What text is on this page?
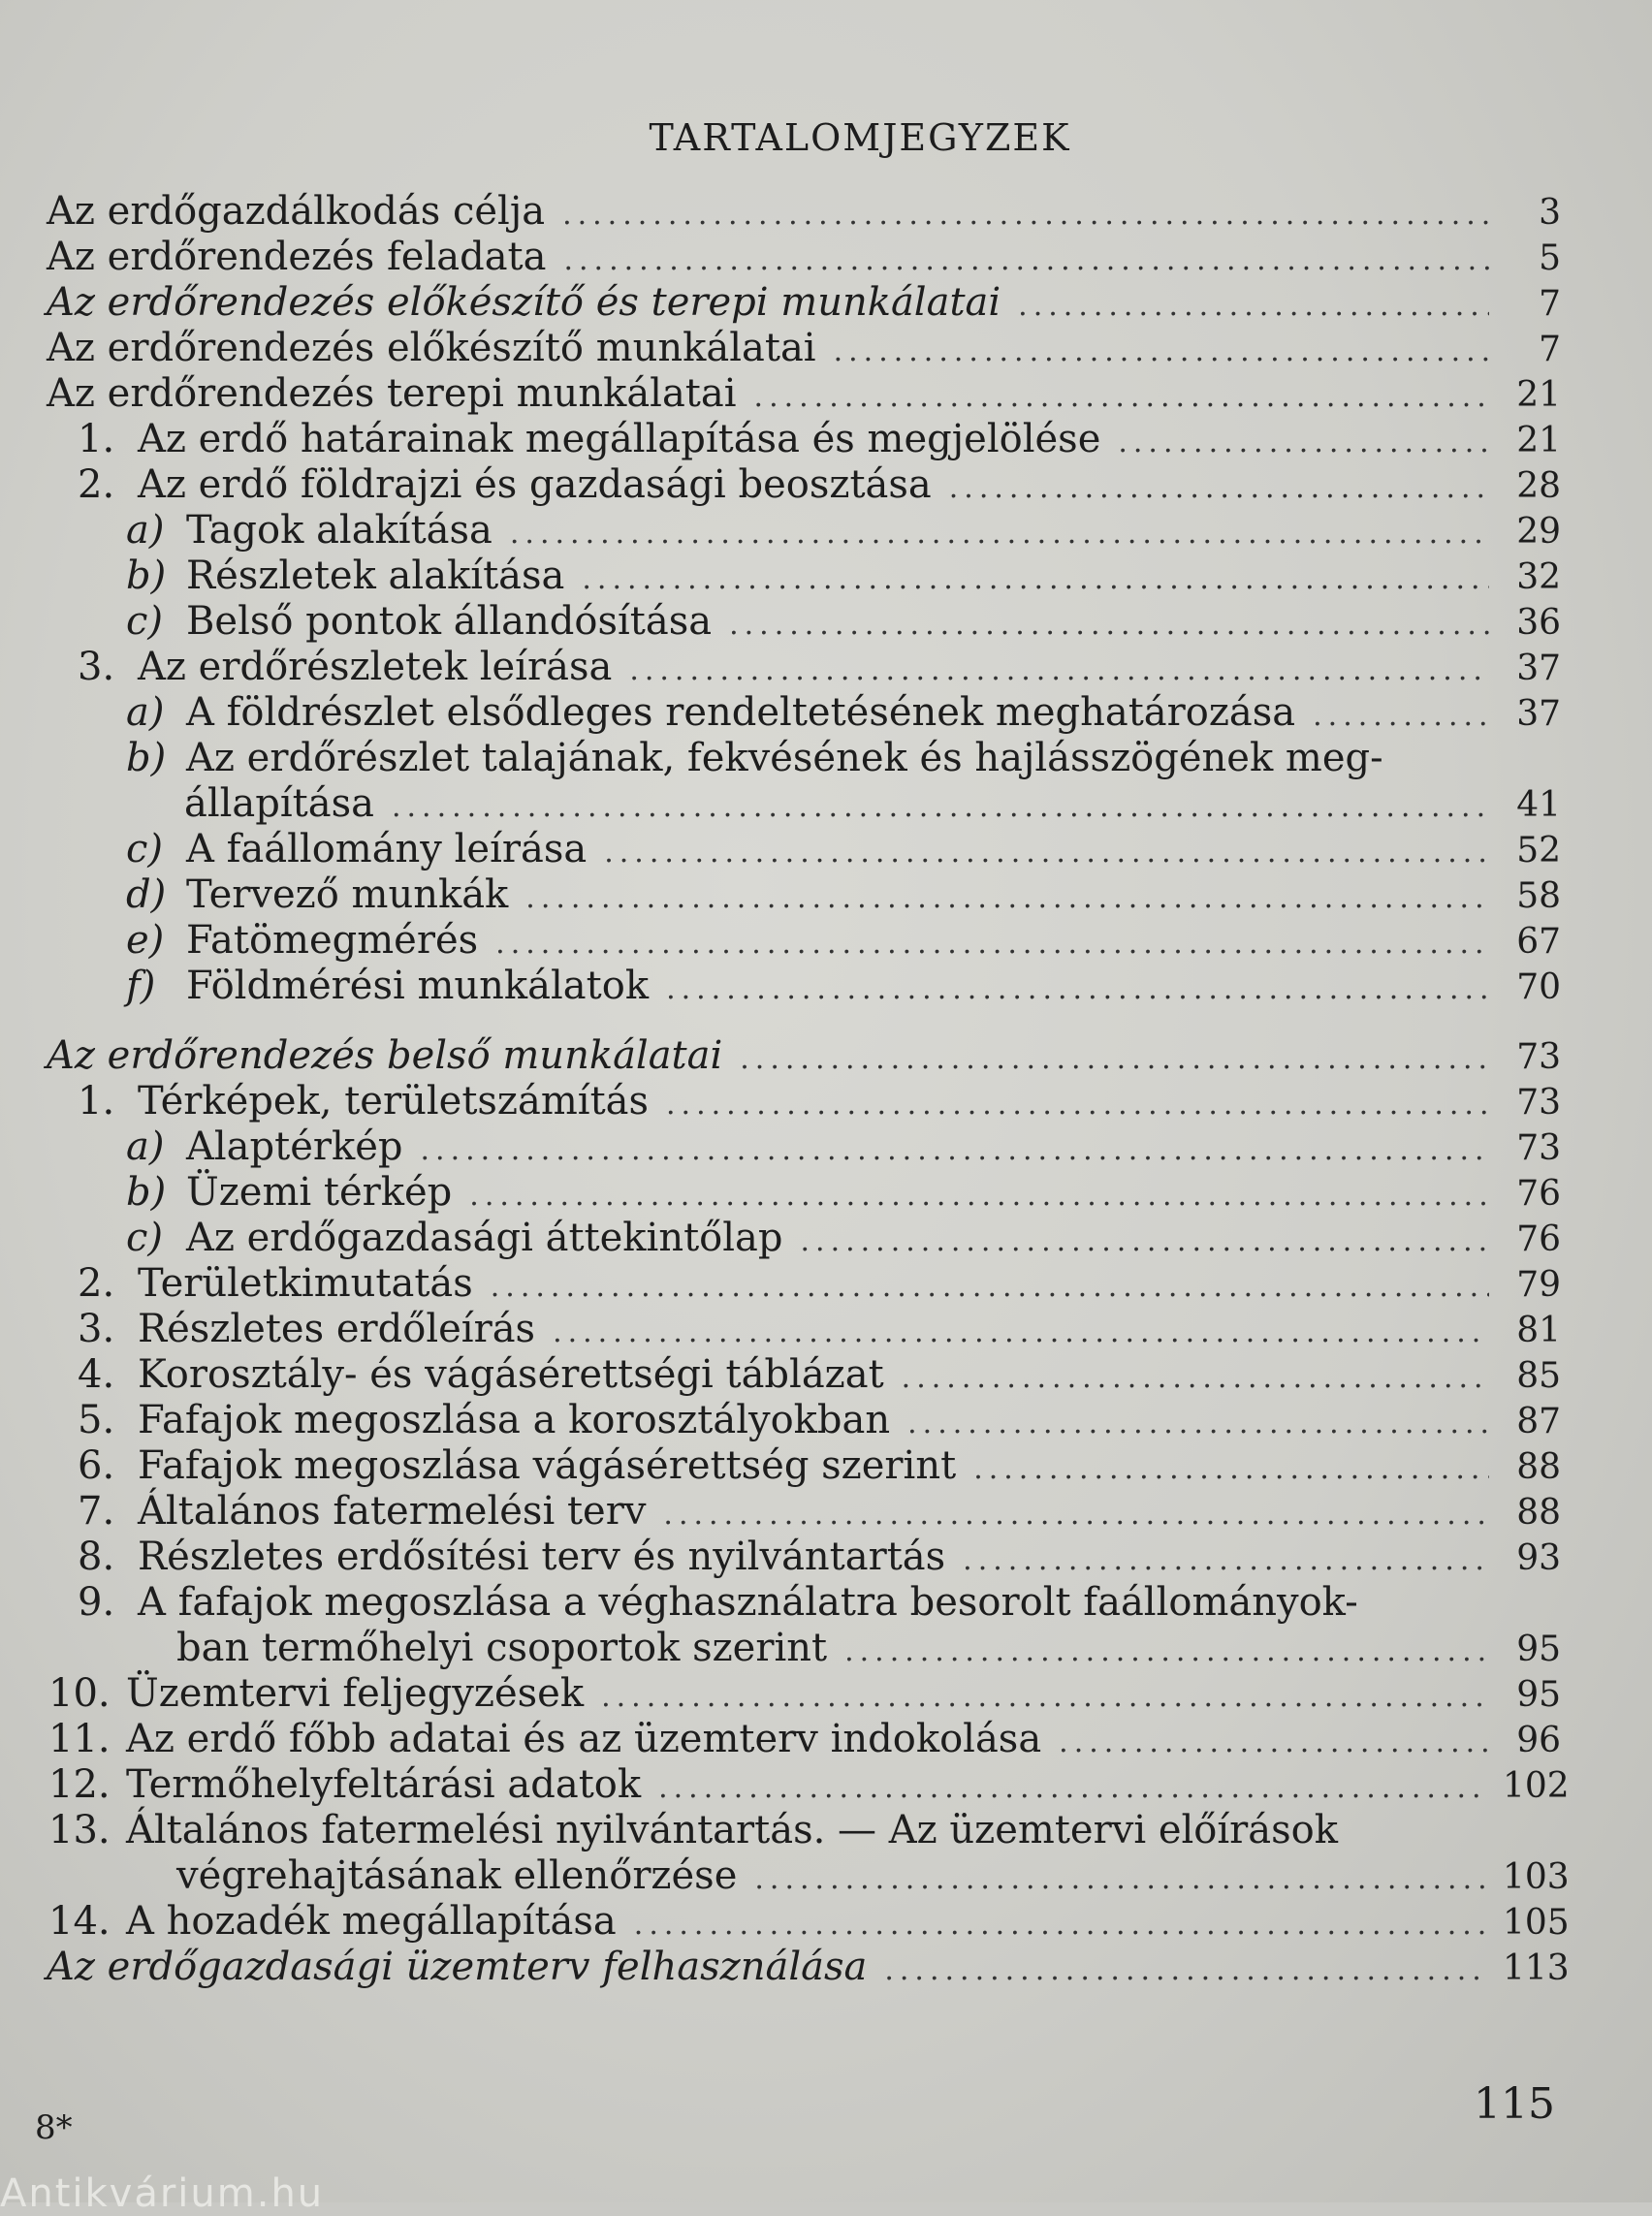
TARTALOMJEGYZEK
Az erdőgazdálkodás célja .....	3
Az erdőrendezés feladata .....	5
Az erdőrendezés előkészítő és terepi munkálatai .....	7
Az erdőrendezés előkészítő munkálatai .....	7
Az erdőrendezés terepi munkálatai .....	21
1. Az erdő határainak megállapítása és megjelölése .....	21
2. Az erdő földrajzi és gazdasági beosztása .....	28
a) Tagok alakítása .....	29
b) Részletek alakítása .....	32
c) Belső pontok állandósítása .....	36
3. Az erdőrészletek leírása .....	37
a) A földrészlet elsődleges rendeltetésének meghatározása .....	37
b) Az erdőrészlet talajának, fekvésének és hajlásszögének meg-
állapítása .....	41
c) A faállomány leírása .....	52
d) Tervező munkák .....	58
e) Fatömegmérés .....	67
f) Földmérési munkálatok .....	70
Az erdőrendezés belső munkálatai .....	73
1. Térképek, területszámítás .....	73
a) Alaptérkép .....	73
b) Üzemi térkép .....	76
c) Az erdőgazdasági áttekintőlap .....	76
2. Területkimutatás .....	79
3. Részletes erdőleírás .....	81
4. Korosztály- és vágásérettségi táblázat .....	85
5. Fafajok megoszlása a korosztályokban .....	87
6. Fafajok megoszlása vágásérettség szerint .....	88
7. Általános fatermelési terv .....	88
8. Részletes erdősítési terv és nyilvántartás .....	93
9. A fafajok megoszlása a véghasználatra besorolt faállományok-
ban termőhelyi csoportok szerint .....	95
10. Üzemtervi feljegyzések .....	95
11. Az erdő főbb adatai és az üzemterv indokolása .....	96
12. Termőhelyfeltárási adatok .....	102
13. Általános fatermelési nyilvántartás. — Az üzemtervi előírások
végrehajtásának ellenőrzése .....	103
14. A hozadék megállapítása .....	105
Az erdőgazdasági üzemterv felhasználása .....	113
8*	115
Antikvárium.hu
